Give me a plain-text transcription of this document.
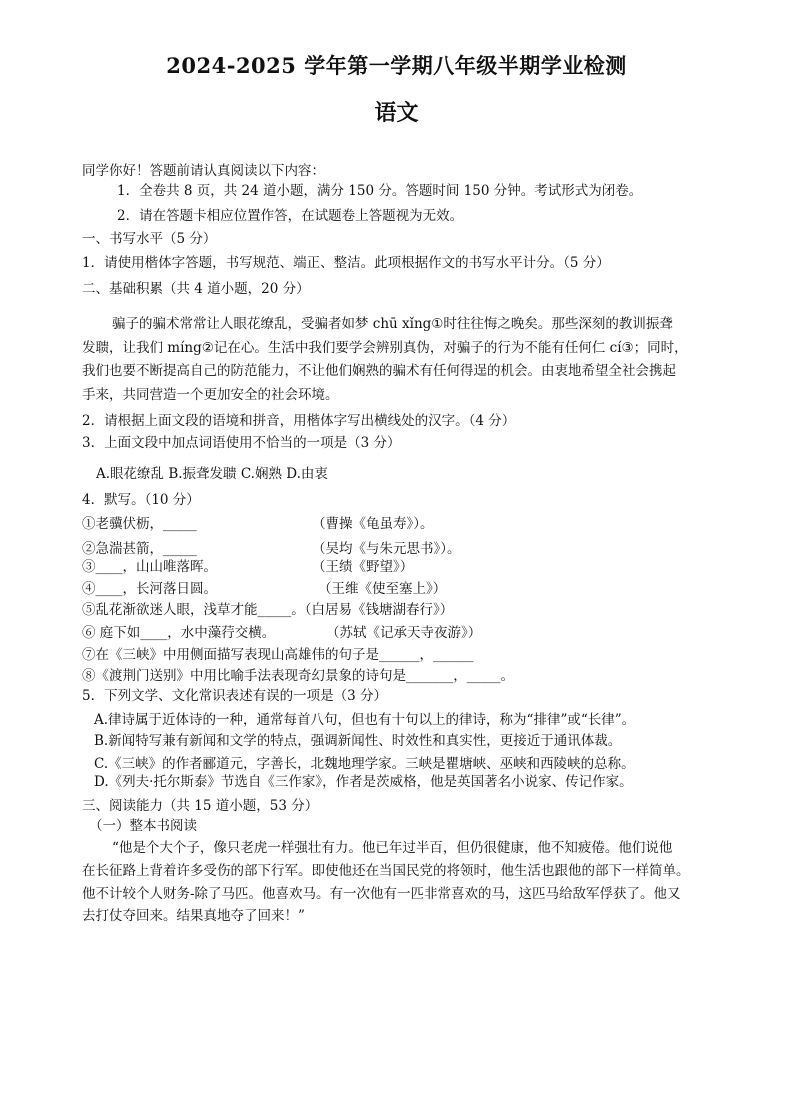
2024-2025 学年第一学期八年级半期学业检测
语文
同学你好！答题前请认真阅读以下内容：
1．全卷共 8 页，共 24 道小题，满分 150 分。答题时间 150 分钟。考试形式为闭卷。
2．请在答题卡相应位置作答，在试题卷上答题视为无效。
一、书写水平（5 分）
1．请使用楷体字答题，书写规范、端正、整洁。此项根据作文的书写水平计分。（5 分）
二、基础积累（共 4 道小题，20 分）
骗子的骗术常常让人眼花缭乱，受骗者如梦 chū xǐng①时往往悔之晚矣。那些深刻的教训振聋
发聩，让我们 míng②记在心。生活中我们要学会辨别真伪，对骗子的行为不能有任何仁 cí③；同时，
我们也要不断提高自己的防范能力，不让他们娴熟的骗术有任何得逞的机会。由衷地希望全社会携起
手来，共同营造一个更加安全的社会环境。
2．请根据上面文段的语境和拼音，用楷体字写出横线处的汉字。（4 分）
3．上面文段中加点词语使用不恰当的一项是（3 分）
A.眼花缭乱 B.振聋发聩 C.娴熟 D.由衷
4．默写。（10 分）
①老骥伏枥，_____	（曹操《龟虽寿》）。
②急湍甚箭，_____	（吴均《与朱元思书》）。
③____，山山唯落晖。	（王绩《野望》）
④____，长河落日圆。	（王维《使至塞上》）
⑤乱花渐欲迷人眼，浅草才能_____。（白居易《钱塘湖春行》）
⑥ 庭下如____，水中藻荇交横。	（苏轼《记承天寺夜游》）
⑦在《三峡》中用侧面描写表现山高雄伟的句子是______，______
⑧《渡荆门送别》中用比喻手法表现奇幻景象的诗句是_______，_____。
5．下列文学、文化常识表述有误的一项是（3 分）
A.律诗属于近体诗的一种，通常每首八句，但也有十句以上的律诗，称为“排律”或“长律”。
B.新闻特写兼有新闻和文学的特点，强调新闻性、时效性和真实性，更接近于通讯体裁。
C.《三峡》的作者郦道元，字善长，北魏地理学家。三峡是瞿塘峡、巫峡和西陵峡的总称。
D.《列夫·托尔斯泰》节选自《三作家》，作者是茨威格，他是英国著名小说家、传记作家。
三、阅读能力（共 15 道小题，53 分）
（一）整本书阅读
“他是个大个子，像只老虎一样强壮有力。他已年过半百，但仍很健康，他不知疲倦。他们说他
在长征路上背着许多受伤的部下行军。即使他还在当国民党的将领时，他生活也跟他的部下一样简单。
他不计较个人财务-除了马匹。他喜欢马。有一次他有一匹非常喜欢的马，这匹马给敌军俘获了。他又
去打仗夺回来。结果真地夺了回来！”
